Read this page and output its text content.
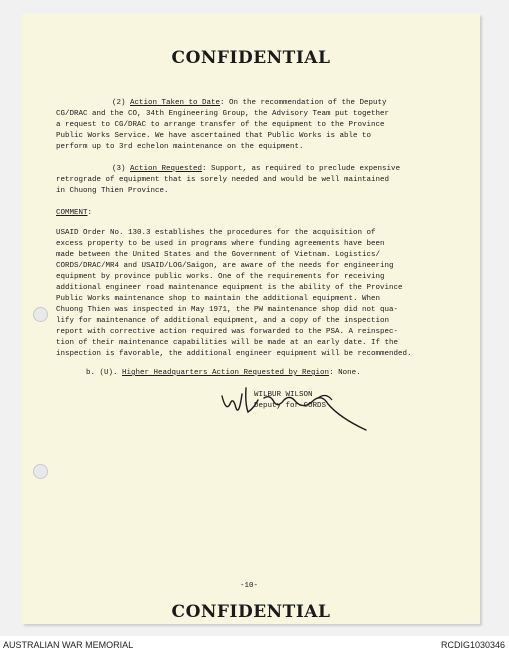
CONFIDENTIAL
(2) Action Taken to Date: On the recommendation of the Deputy
CG/DRAC and the CO, 34th Engineering Group, the Advisory Team put together
a request to CG/DRAC to arrange transfer of the equipment to the Province
Public Works Service. We have ascertained that Public Works is able to
perform up to 3rd echelon maintenance on the equipment.
(3) Action Requested: Support, as required to preclude expensive
retrograde of equipment that is sorely needed and would be well maintained
in Chuong Thien Province.
COMMENT:
USAID Order No. 130.3 establishes the procedures for the acquisition of
excess property to be used in programs where funding agreements have been
made between the United States and the Government of Vietnam. Logistics/
CORDS/DRAC/MR4 and USAID/LOG/Saigon, are aware of the needs for engineering
equipment by province public works. One of the requirements for receiving
additional engineer road maintenance equipment is the ability of the Province
Public Works maintenance shop to maintain the additional equipment. When
Chuong Thien was inspected in May 1971, the PW maintenance shop did not qua-
lify for maintenance of additional equipment, and a copy of the inspection
report with corrective action required was forwarded to the PSA. A reinspec-
tion of their maintenance capabilities will be made at an early date. If the
inspection is favorable, the additional engineer equipment will be recommended.
b. (U). Higher Headquarters Action Requested by Region: None.
WILBUR WILSON
Deputy for CORDS
-10-
CONFIDENTIAL
AUSTRALIAN WAR MEMORIAL	RCDIG1030346
